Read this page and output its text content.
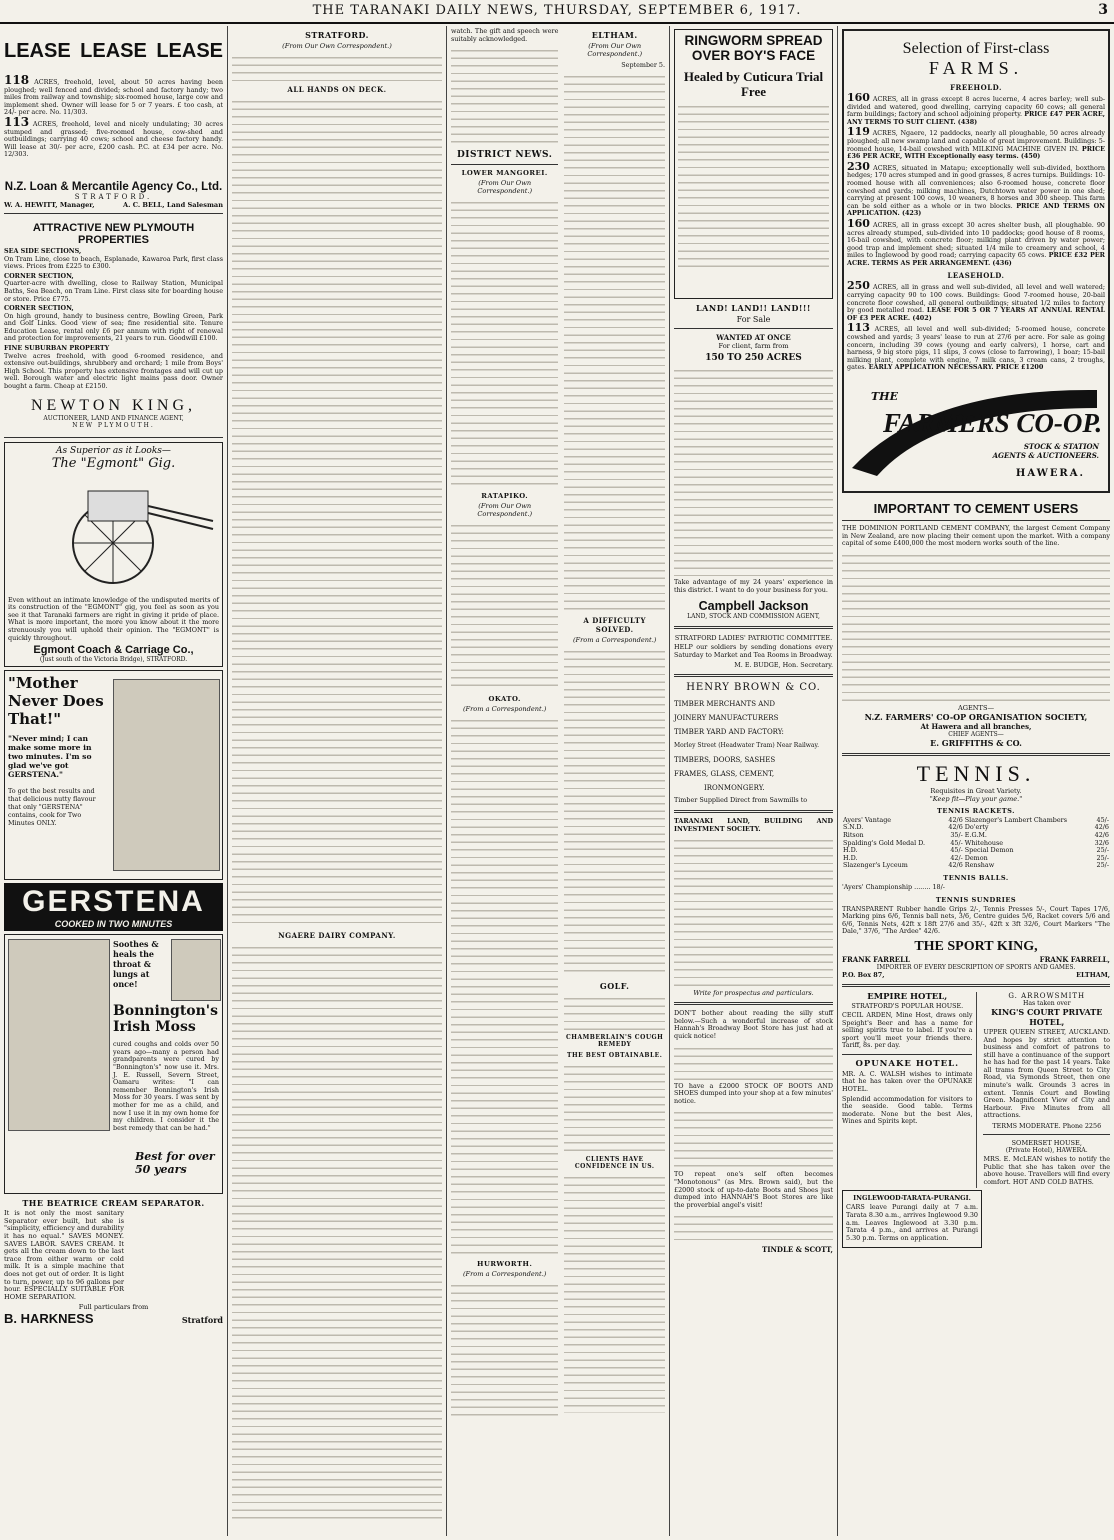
THE TARANAKI DAILY NEWS, THURSDAY, SEPTEMBER 6, 1917.	3
LEASE LEASE LEASE
118 ACRES, freehold, level, about 50 acres having been ploughed; well fenced and divided; school and factory handy; two miles from railway and township; six-roomed house, large cow and implement shed. Owner will lease for 5 or 7 years. £ too cash, at 24/- per acre. No. 11/303.
113 ACRES, freehold, level and nicely undulating; 30 acres stumped and grassed; five-roomed house, cow-shed and outbuildings; carrying 40 cows; school and cheese factory handy. Will lease at 30/- per acre, £200 cash. P.C. at £34 per acre. No. 12/303.
N.Z. Loan & Mercantile Agency Co., Ltd.
STRATFORD.
W. A. HEWITT, Manager,	A. C. BELL, Land Salesman
ATTRACTIVE NEW PLYMOUTH PROPERTIES
SEA SIDE SECTIONS,
On Tram Line, close to beach, Esplanade, Kawaroa Park, first class views. Prices from £225 to £300.
CORNER SECTION,
Quarter-acre with dwelling, close to Railway Station, Municipal Baths, Sea Beach, on Tram Line. First class site for boarding house or store. Price £775.
CORNER SECTION,
On high ground, handy to business centre, Bowling Green, Park and Golf Links. Good view of sea; fine residential site. Tenure Education Lease, rental only £6 per annum with right of renewal and protection for improvements, 21 years to run. Goodwill £100.
FINE SUBURBAN PROPERTY
Twelve acres freehold, with good 6-roomed residence, and extensive out-buildings, shrubbery and orchard; 1 mile from Boys' High School. This property has extensive frontages and will cut up well. Borough water and electric light mains pass door. Owner bought a farm. Cheap at £2150.
NEWTON KING,
AUCTIONEER, LAND AND FINANCE AGENT,
NEW PLYMOUTH.
As Superior as it Looks—
The "Egmont" Gig.
Even without an intimate knowledge of the undisputed merits of its construction of the "EGMONT" gig, you feel as soon as you see it that Taranaki farmers are right in giving it pride of place. What is more important, the more you know about it the more strenuously you will uphold their opinion. The "EGMONT" is quickly throughout.
Egmont Coach & Carriage Co.,
(Just south of the Victoria Bridge), STRATFORD.
"Mother
Never Does
That!"
"Never mind; I can make some more in two minutes. I'm so glad we've got GERSTENA."
To get the best results and that delicious nutty flavour that only "GERSTENA" contains, cook for Two Minutes ONLY.
GERSTENA
COOKED IN TWO MINUTES
Soothes & heals the throat & lungs at once!
Bonnington's Irish Moss
cured coughs and colds over 50 years ago—many a person had grandparents were cured by "Bonnington's" now use it. Mrs. J. E. Russell, Severn Street, Oamaru writes: "I can remember Bonnington's Irish Moss for 30 years. I was sent by mother for me as a child, and now I use it in my own home for my children. I consider it the best remedy that can be had."
Best for over 50 years
THE BEATRICE CREAM SEPARATOR.
It is not only the most sanitary Separator ever built, but she is "simplicity, efficiency and durability it has no equal." SAVES MONEY. SAVES LABOR. SAVES CREAM. It gets all the cream down to the last trace from either warm or cold milk. It is a simple machine that does not get out of order. It is light to turn, power, up to 96 gallons per hour. ESPECIALLY SUITABLE FOR HOME SEPARATION.
Full particulars from
B. HARKNESS	Stratford
STRATFORD.
(From Our Own Correspondent.)
ALL HANDS ON DECK.
NGAERE DAIRY COMPANY.
watch. The gift and speech were suitably acknowledged.
DISTRICT NEWS.
LOWER MANGOREI.
(From Our Own Correspondent.)
RATAPIKO.
(From Our Own Correspondent.)
OKATO.
(From a Correspondent.)
HURWORTH.
(From a Correspondent.)
ELTHAM.
(From Our Own Correspondent.)
September 5.
A DIFFICULTY SOLVED.
(From a Correspondent.)
GOLF.
CHAMBERLAIN'S COUGH REMEDY
THE BEST OBTAINABLE.
CLIENTS HAVE CONFIDENCE IN US.
RINGWORM SPREAD OVER BOY'S FACE
Healed by Cuticura Trial Free
LAND! LAND!! LAND!!!
For Sale
WANTED AT ONCE
For client, farm from
150 TO 250 ACRES
Take advantage of my 24 years' experience in this district. I want to do your business for you.
Campbell Jackson
LAND, STOCK AND COMMISSION AGENT,
STRATFORD LADIES' PATRIOTIC COMMITTEE.
HELP our soldiers by sending donations every Saturday to Market and Tea Rooms in Broadway.
M. E. BUDGE, Hon. Secretary.
HENRY BROWN & CO.
TIMBER MERCHANTS AND
JOINERY MANUFACTURERS
TIMBER YARD AND FACTORY:
Morley Street (Headwater Tram) Near Railway.
TIMBERS, DOORS, SASHES
FRAMES, GLASS, CEMENT,
IRONMONGERY.
Timber Supplied Direct from Sawmills to
TARANAKI LAND, BUILDING AND INVESTMENT SOCIETY.
Write for prospectus and particulars.
DON'T bother about reading the silly stuff below.—Such a wonderful increase of stock Hannah's Broadway Boot Store has just had at quick notice!
TO have a £2000 STOCK OF BOOTS AND SHOES dumped into your shop at a few minutes' notice.
TO repeat one's self often becomes "Monotonous" (as Mrs. Brown said), but the £2000 stock of up-to-date Boots and Shoes just dumped into HANNAH'S Boot Stores are like the proverbial angel's visit!
TINDLE & SCOTT,
Selection of First-class
FARMS.
FREEHOLD.
160 ACRES, all in grass except 8 acres lucerne, 4 acres barley; well sub-divided and watered, good dwelling, carrying capacity 60 cows; all general farm buildings; factory and school adjoining property. PRICE £47 PER ACRE, ANY TERMS TO SUIT CLIENT. (438)
119 ACRES, Ngaere, 12 paddocks, nearly all ploughable, 50 acres already ploughed; all new swamp land and capable of great improvement. Buildings: 5-roomed house, 14-bail cowshed with MILKING MACHINE GIVEN IN. PRICE £36 PER ACRE, WITH Exceptionally easy terms. (450)
230 ACRES, situated in Matapu; exceptionally well sub-divided, boxthorn hedges; 170 acres stumped and in good grasses, 8 acres turnips. Buildings: 10-roomed house with all conveniences; also 6-roomed house, concrete floor cowshed and yards; milking machines, Dutchtown water power in one shed; carrying at present 100 cows, 10 weaners, 8 horses and 300 sheep. This farm can be sold either as a whole or in two blocks. PRICE AND TERMS ON APPLICATION. (423)
160 ACRES, all in grass except 30 acres shelter bush, all ploughable. 90 acres already stumped, sub-divided into 10 paddocks; good house of 8 rooms, 16-bail cowshed, with concrete floor; milking plant driven by water power; good trap and implement shed; situated 1/4 mile to creamery and school, 4 miles to Inglewood by good road; carrying capacity 65 cows. PRICE £32 PER ACRE. TERMS AS PER ARRANGEMENT. (436)
LEASEHOLD.
250 ACRES, all in grass and well sub-divided, all level and well watered; carrying capacity 90 to 100 cows. Buildings: Good 7-roomed house, 20-bail concrete floor cowshed, all general outbuildings; situated 1/2 miles to factory by good metalled road. LEASE FOR 5 OR 7 YEARS AT ANNUAL RENTAL OF £3 PER ACRE. (402)
113 ACRES, all level and well sub-divided; 5-roomed house, concrete cowshed and yards; 3 years' lease to run at 27/6 per acre. For sale as going concern, including 39 cows (young and early calvers), 1 horse, cart and harness, 9 big store pigs, 11 slips, 3 cows (close to farrowing), 1 boar; 15-bail milking plant, complete with engine, 7 milk cans, 3 cream cans, 2 troughs, gates. EARLY APPLICATION NECESSARY. PRICE £1200
THE
FARMERS CO-OP.
STOCK & STATION AGENTS & AUCTIONEERS.
HAWERA.
IMPORTANT TO CEMENT USERS
THE DOMINION PORTLAND CEMENT COMPANY, the largest Cement Company in New Zealand, are now placing their cement upon the market. With a company capital of some £400,000 the most modern works south of the line.
AGENTS—
N.Z. FARMERS' CO-OP ORGANISATION SOCIETY,
At Hawera and all branches,
CHIEF AGENTS—
E. GRIFFITHS & CO.
TENNIS.
Requisites in Great Variety.
"Keep fit—Play your game."
TENNIS RACKETS.
Ayers' Vantage	42/6	Slazenger's Lambert Chambers	45/-
S.N.D.	42/6	Do'erty	42/6
Ritson	35/-	E.G.M.	42/6
Spalding's Gold Medal D.	45/-	Whitehouse	32/6
H.D.	45/-	Special Demon	25/-
H.D.	42/-	Demon	25/-
Slazenger's Lyceum	42/6	Renshaw	25/-
TENNIS BALLS.
'Ayers' Championship ........ 18/-
TENNIS SUNDRIES
TRANSPARENT Rubber handle Grips 2/-, Tennis Presses 5/-, Court Tapes 17/6, Marking pins 6/6, Tennis ball nets, 3/6, Centre guides 5/6, Racket covers 5/6 and 6/6, Tennis Nets, 42ft x 18ft 27/6 and 35/-, 42ft x 3ft 32/6, Court Markers "The Dale," 37/6, "The Ardee" 42/6.
THE SPORT KING,
FRANK FARRELL	FRANK FARRELL,
IMPORTER OF EVERY DESCRIPTION OF SPORTS AND GAMES.
P.O. Box 87,	ELTHAM,
EMPIRE HOTEL,
STRATFORD'S POPULAR HOUSE.
CECIL ARDEN, Mine Host, draws only Speight's Beer and has a name for selling spirits true to label. If you're a sport you'll meet your friends there. Tariff, 8s. per day.
OPUNAKE HOTEL.
MR. A. C. WALSH wishes to intimate that he has taken over the OPUNAKE HOTEL.
Splendid accommodation for visitors to the seaside. Good table. Terms moderate. None but the best Ales, Wines and Spirits kept.
G. ARROWSMITH
Has taken over
KING'S COURT PRIVATE HOTEL,
UPPER QUEEN STREET, AUCKLAND. And hopes by strict attention to business and comfort of patrons to still have a continuance of the support he has had for the past 14 years. Take all trams from Queen Street to City Road, via Symonds Street, then one minute's walk. Grounds 3 acres in extent. Tennis Court and Bowling Green. Magnificent View of City and Harbour. Five Minutes from all attractions.
TERMS MODERATE. Phone 2256
SOMERSET HOUSE,
(Private Hotel), HAWERA.
MRS. E. McLEAN wishes to notify the Public that she has taken over the above house. Travellers will find every comfort. HOT AND COLD BATHS.
INGLEWOOD-TARATA-PURANGI.
CARS leave Purangi daily at 7 a.m. Tarata 8.30 a.m., arrives Inglewood 9.30 a.m. Leaves Inglewood at 3.30 p.m. Tarata 4 p.m., and arrives at Purangi 5.30 p.m. Terms on application.
